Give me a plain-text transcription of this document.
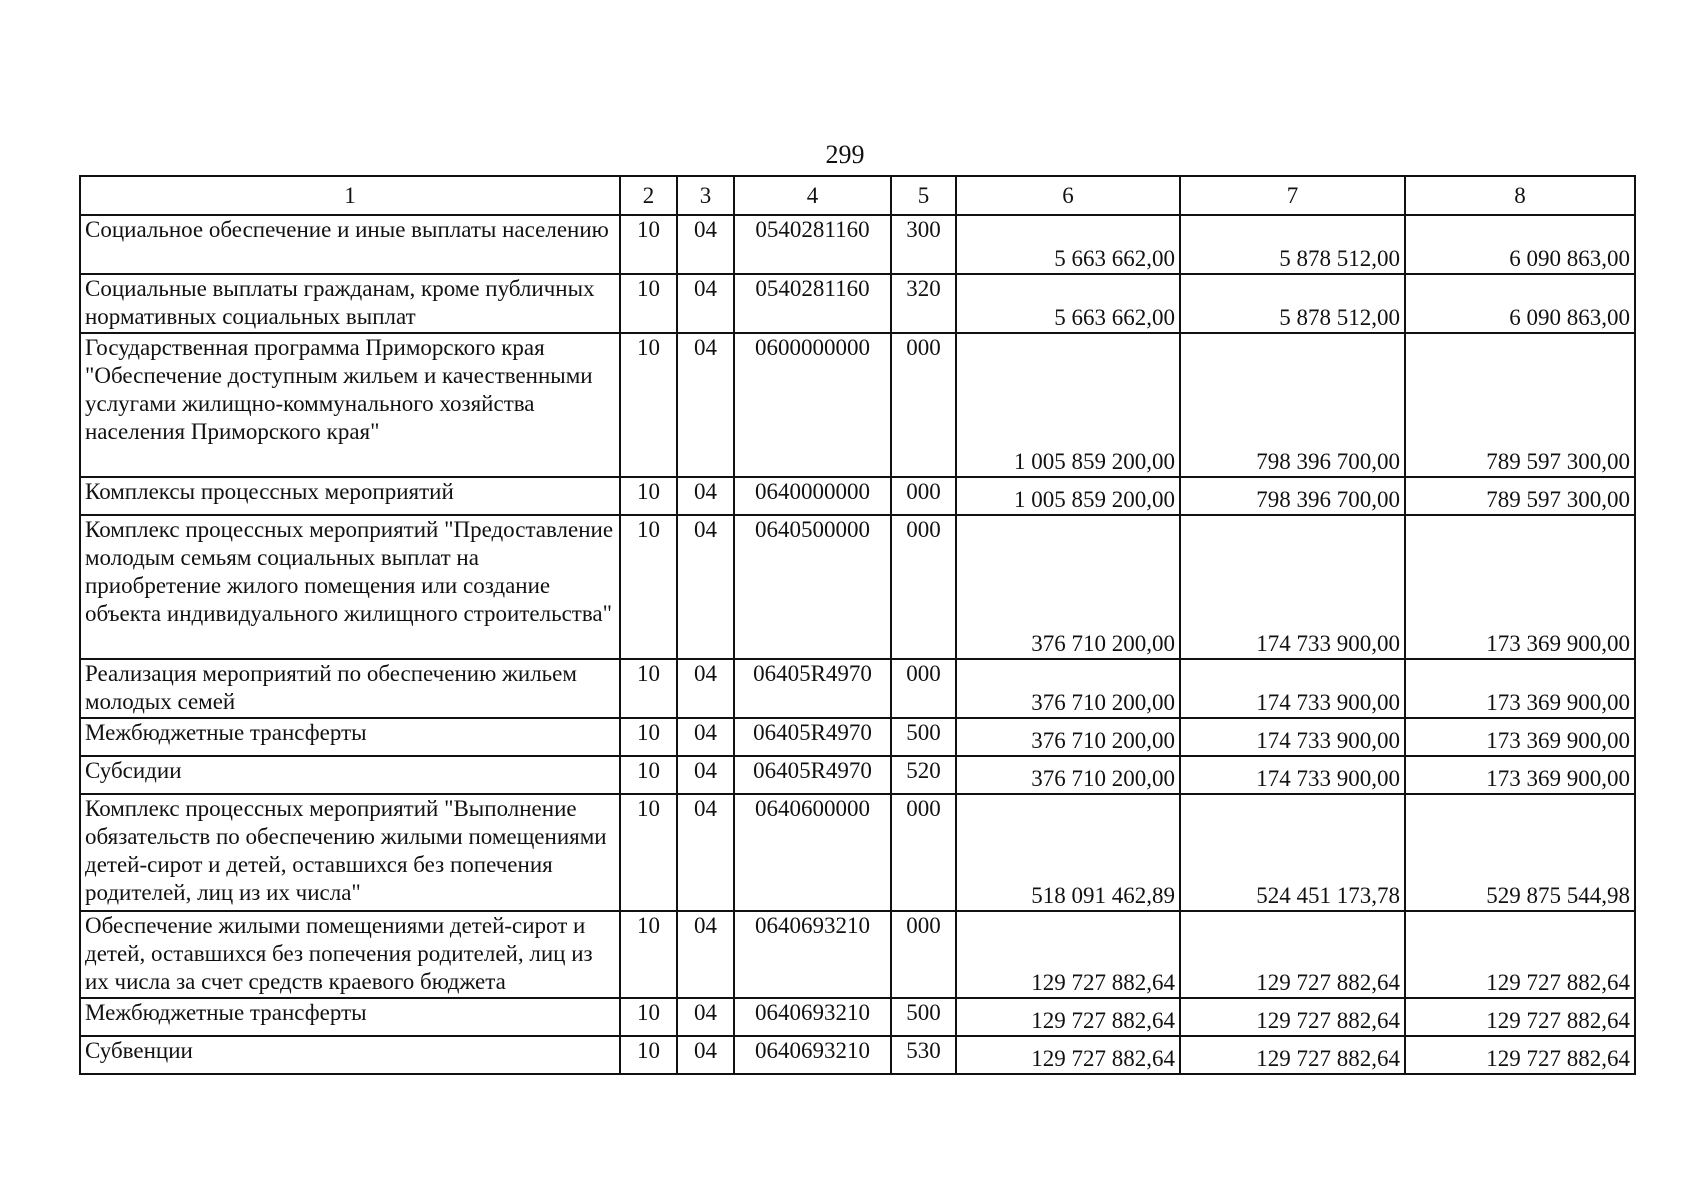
299
1	2	3	4	5	6	7	8
Социальное обеспечение и иные выплаты населению	10	04	0540281160	300	5 663 662,00	5 878 512,00	6 090 863,00
Социальные выплаты гражданам, кроме публичных нормативных социальных выплат	10	04	0540281160	320	5 663 662,00	5 878 512,00	6 090 863,00
Государственная программа Приморского края "Обеспечение доступным жильем и качественными услугами жилищно-коммунального хозяйства населения Приморского края"	10	04	0600000000	000	1 005 859 200,00	798 396 700,00	789 597 300,00
Комплексы процессных мероприятий	10	04	0640000000	000	1 005 859 200,00	798 396 700,00	789 597 300,00
Комплекс процессных мероприятий "Предоставление молодым семьям социальных выплат на приобретение жилого помещения или создание объекта индивидуального жилищного строительства"	10	04	0640500000	000	376 710 200,00	174 733 900,00	173 369 900,00
Реализация мероприятий по обеспечению жильем молодых семей	10	04	06405R4970	000	376 710 200,00	174 733 900,00	173 369 900,00
Межбюджетные трансферты	10	04	06405R4970	500	376 710 200,00	174 733 900,00	173 369 900,00
Субсидии	10	04	06405R4970	520	376 710 200,00	174 733 900,00	173 369 900,00
Комплекс процессных мероприятий "Выполнение обязательств по обеспечению жилыми помещениями детей-сирот и детей, оставшихся без попечения родителей, лиц из их числа"	10	04	0640600000	000	518 091 462,89	524 451 173,78	529 875 544,98
Обеспечение жилыми помещениями детей-сирот и детей, оставшихся без попечения родителей, лиц из их числа за счет средств краевого бюджета	10	04	0640693210	000	129 727 882,64	129 727 882,64	129 727 882,64
Межбюджетные трансферты	10	04	0640693210	500	129 727 882,64	129 727 882,64	129 727 882,64
Субвенции	10	04	0640693210	530	129 727 882,64	129 727 882,64	129 727 882,64
